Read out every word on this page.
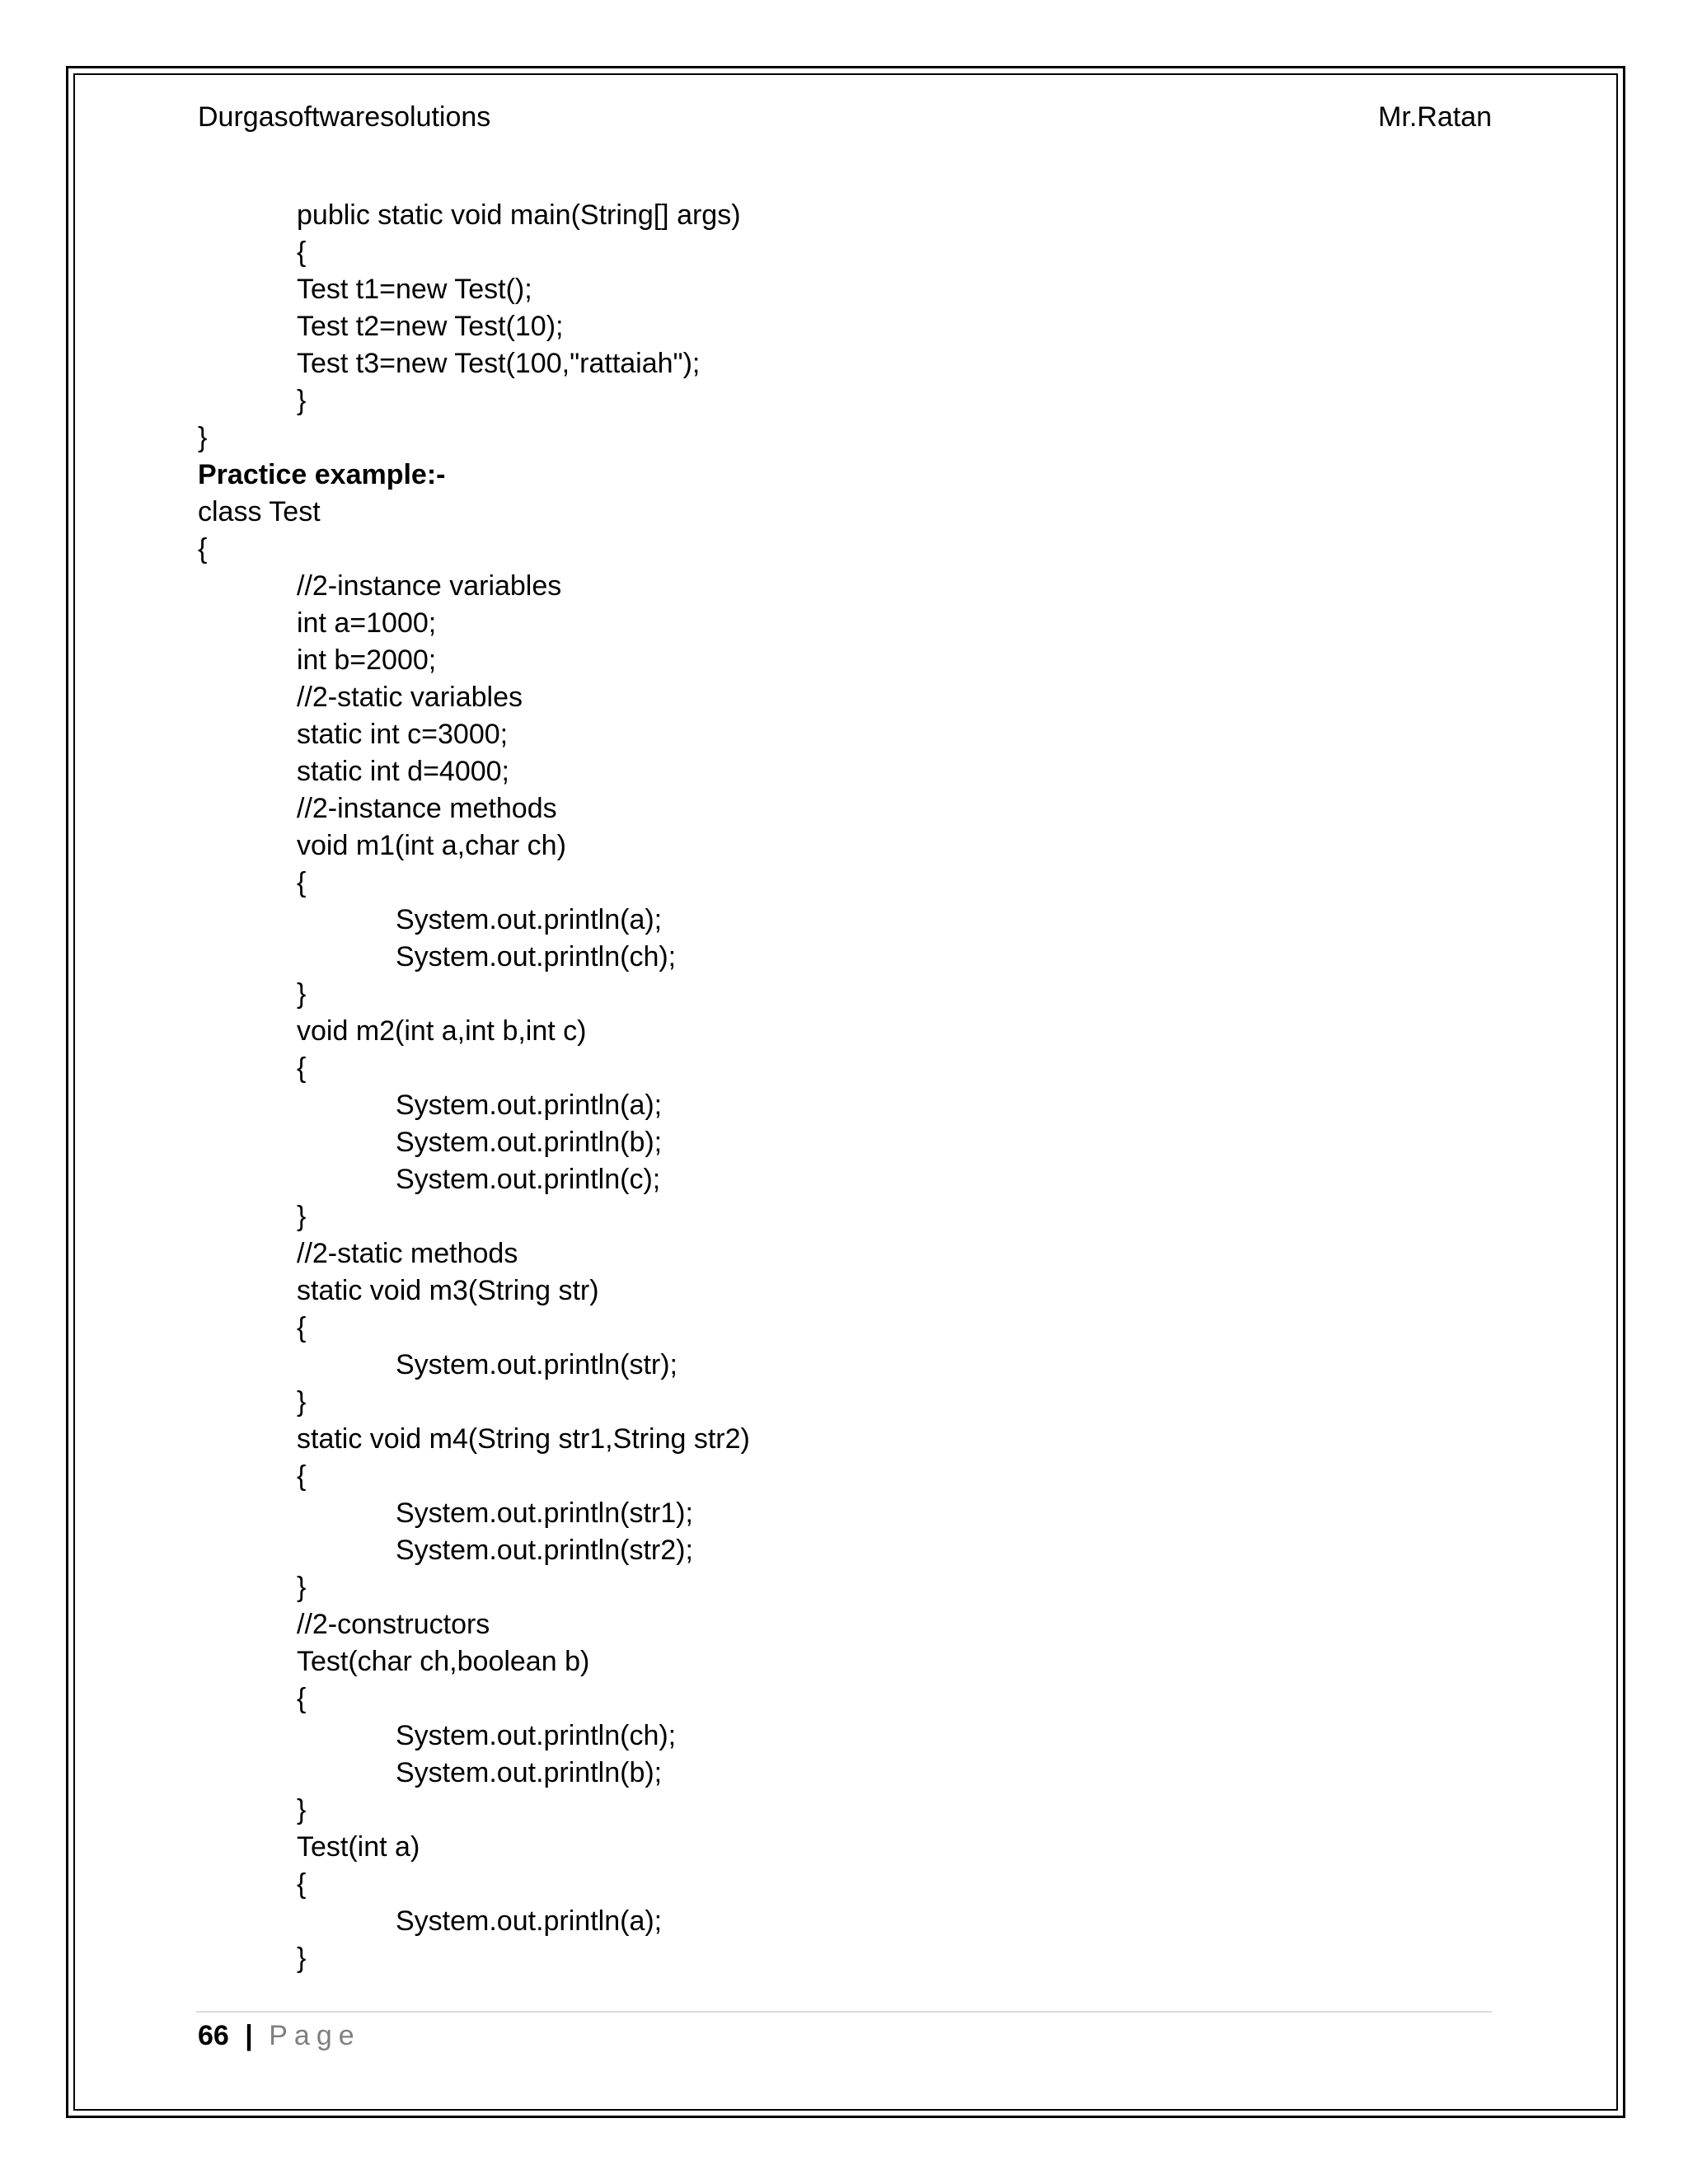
Durgasoftwaresolutions	Mr.Ratan
public static void main(String[] args)
{
Test t1=new Test();
Test t2=new Test(10);
Test t3=new Test(100,"rattaiah");
}
}
Practice example:-
class Test
{
//2-instance variables
int a=1000;
int b=2000;
//2-static variables
static int c=3000;
static int d=4000;
//2-instance methods
void m1(int a,char ch)
{
System.out.println(a);
System.out.println(ch);
}
void m2(int a,int b,int c)
{
System.out.println(a);
System.out.println(b);
System.out.println(c);
}
//2-static methods
static void m3(String str)
{
System.out.println(str);
}
static void m4(String str1,String str2)
{
System.out.println(str1);
System.out.println(str2);
}
//2-constructors
Test(char ch,boolean b)
{
System.out.println(ch);
System.out.println(b);
}
Test(int a)
{
System.out.println(a);
}
66 | Page
